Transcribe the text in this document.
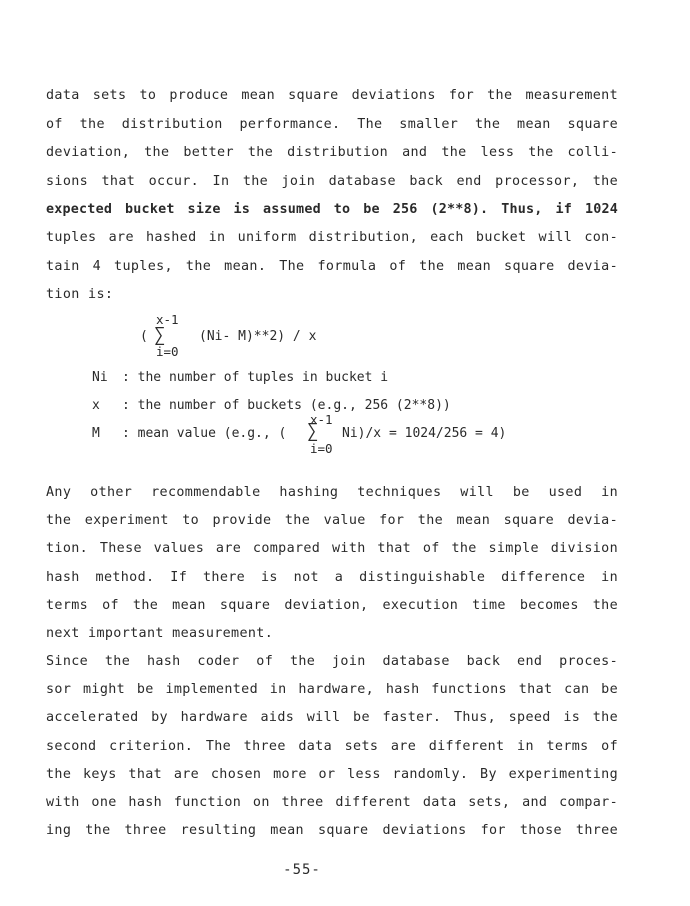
data sets to produce mean square deviations for the measurement
of the distribution performance. The smaller the mean square
deviation, the better the distribution and the less the colli-
sions that occur. In the join database back end processor, the
expected bucket size is assumed to be 256 (2**8). Thus, if 1024
tuples are hashed in uniform distribution, each bucket will con-
tain 4 tuples, the mean. The formula of the mean square devia-
tion is:
(
x-1
∑
i=0
(Ni- M)**2) / x
Ni : the number of tuples in bucket i
x : the number of buckets (e.g., 256 (2**8))
M : mean value (e.g., (
x-1
∑
i=0
Ni)/x = 1024/256 = 4)
Any other recommendable hashing techniques will be used in
the experiment to provide the value for the mean square devia-
tion. These values are compared with that of the simple division
hash method. If there is not a distinguishable difference in
terms of the mean square deviation, execution time becomes the
next important measurement.
Since the hash coder of the join database back end proces-
sor might be implemented in hardware, hash functions that can be
accelerated by hardware aids will be faster. Thus, speed is the
second criterion. The three data sets are different in terms of
the keys that are chosen more or less randomly. By experimenting
with one hash function on three different data sets, and compar-
ing the three resulting mean square deviations for those three
-55-
